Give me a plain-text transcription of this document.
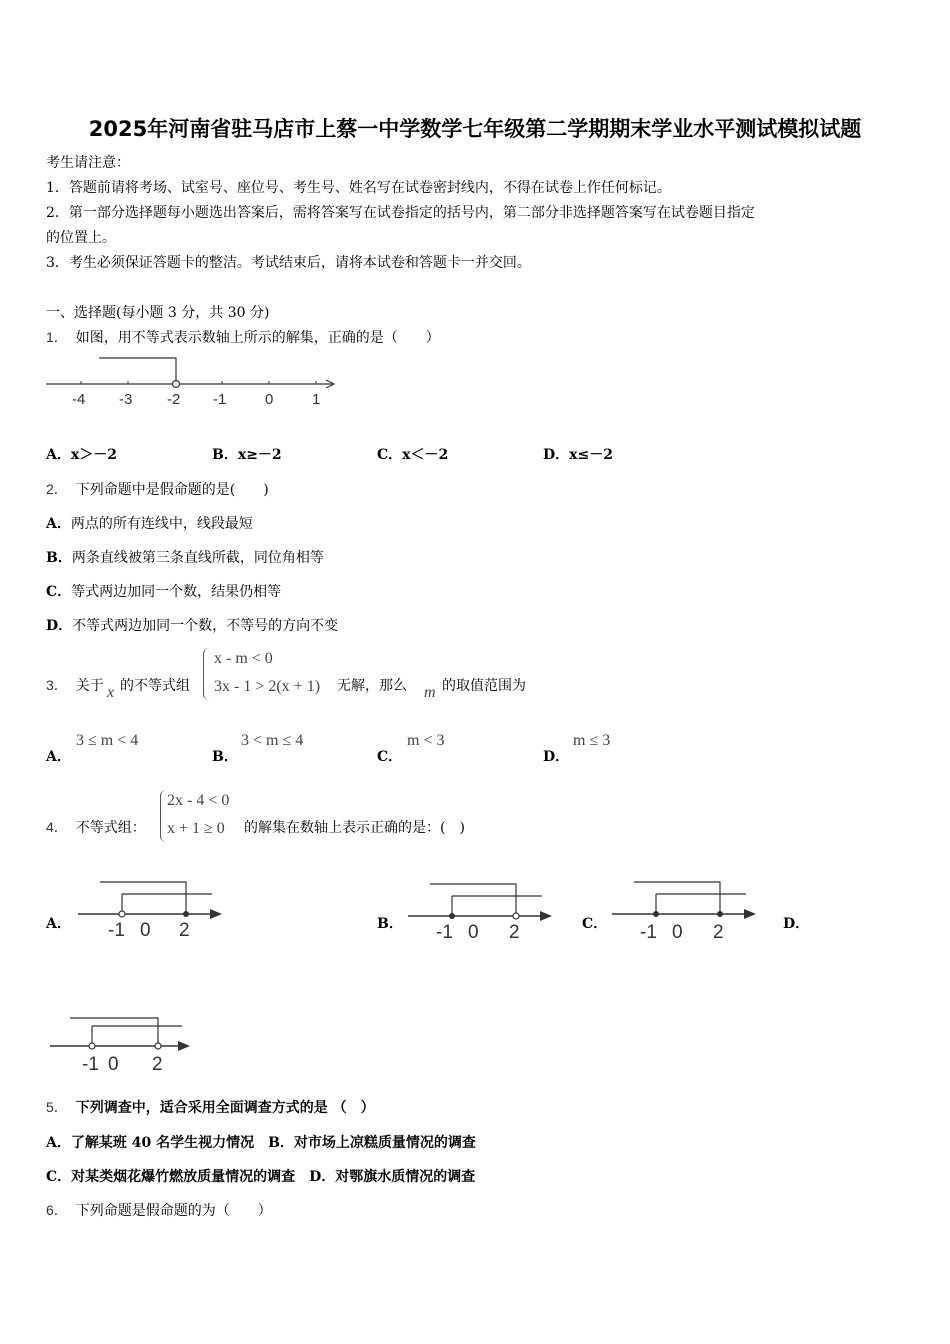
2025年河南省驻马店市上蔡一中学数学七年级第二学期期末学业水平测试模拟试题
考生请注意：
1．答题前请将考场、试室号、座位号、考生号、姓名写在试卷密封线内，不得在试卷上作任何标记。
2．第一部分选择题每小题选出答案后，需将答案写在试卷指定的括号内，第二部分非选择题答案写在试卷题目指定
的位置上。
3．考生必须保证答题卡的整洁。考试结束后，请将本试卷和答题卡一并交回。
一、选择题(每小题 3 分，共 30 分)
1． 如图，用不等式表示数轴上所示的解集，正确的是（　　）
-4 -3 -2 -1	0	1
A．x＞－2	B．x≥－2	C．x＜－2	D．x≤－2
2． 下列命题中是假命题的是(　　)
A．两点的所有连线中，线段最短
B．两条直线被第三条直线所截，同位角相等
C．等式两边加同一个数，结果仍相等
D．不等式两边加同一个数，不等号的方向不变
3． 关于 x 的不等式组
x - m < 0
3x - 1 > 2(x + 1) 无解，那么 m 的取值范围为
A．
3 ≤ m < 4
B．
3 < m ≤ 4
C．
m < 3
D．
m ≤ 3
4． 不等式组：
2x - 4 < 0
x + 1 ≥ 0 的解集在数轴上表示正确的是：(　)
A． -1 0 2	B． -1 0 2	C． -1 0 2	D．
-1 0 2
5． 下列调查中，适合采用全面调查方式的是 （　）
A．了解某班 40 名学生视力情况　B．对市场上凉糕质量情况的调查
C．对某类烟花爆竹燃放质量情况的调查　D．对鄂旗水质情况的调查
6． 下列命题是假命题的为（　　）
